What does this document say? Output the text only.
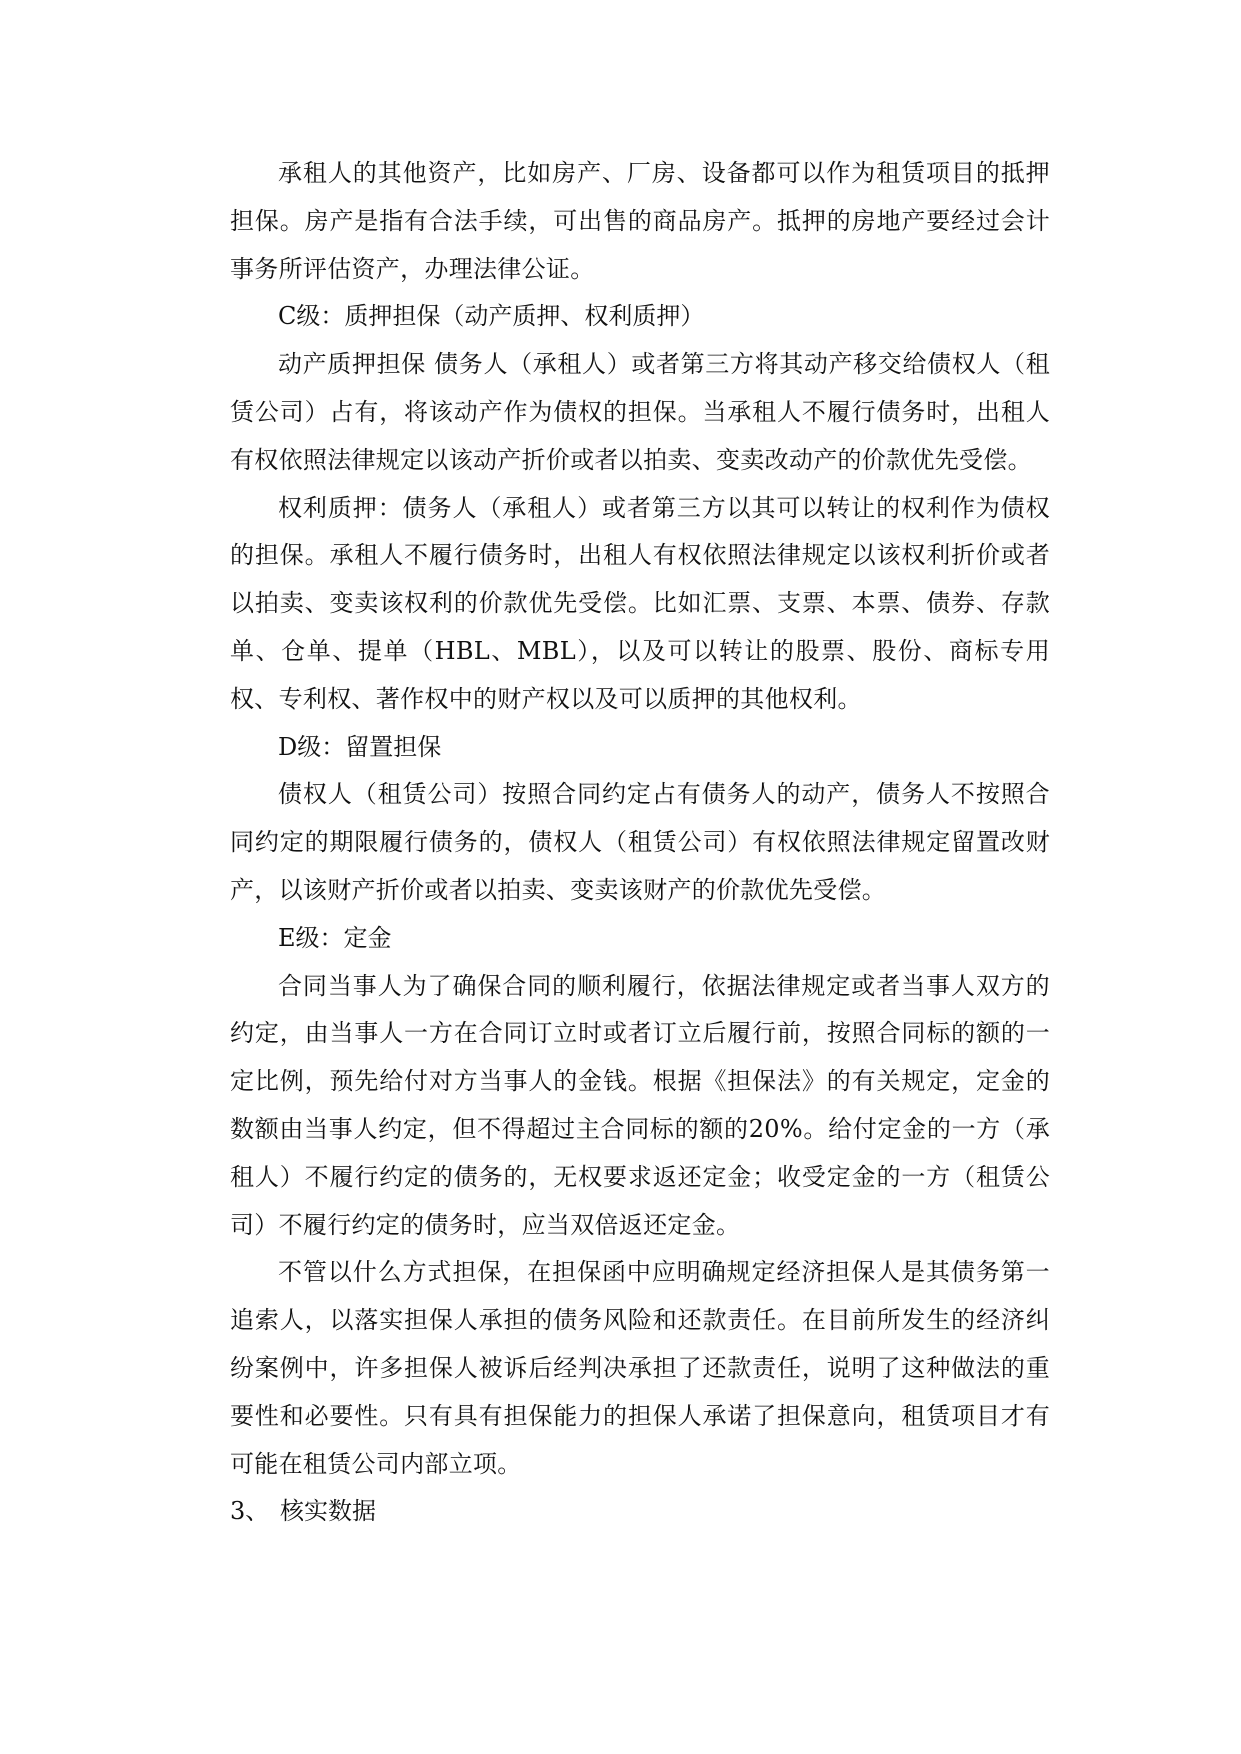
承租人的其他资产，比如房产、厂房、设备都可以作为租赁项目的抵押担保。房产是指有合法手续，可出售的商品房产。抵押的房地产要经过会计事务所评估资产，办理法律公证。

C级：质押担保（动产质押、权利质押）

动产质押担保 债务人（承租人）或者第三方将其动产移交给债权人（租赁公司）占有，将该动产作为债权的担保。当承租人不履行债务时，出租人有权依照法律规定以该动产折价或者以拍卖、变卖改动产的价款优先受偿。

权利质押：债务人（承租人）或者第三方以其可以转让的权利作为债权的担保。承租人不履行债务时，出租人有权依照法律规定以该权利折价或者以拍卖、变卖该权利的价款优先受偿。比如汇票、支票、本票、债券、存款单、仓单、提单（HBL、MBL），以及可以转让的股票、股份、商标专用权、专利权、著作权中的财产权以及可以质押的其他权利。

D级：留置担保

债权人（租赁公司）按照合同约定占有债务人的动产，债务人不按照合同约定的期限履行债务的，债权人（租赁公司）有权依照法律规定留置改财产，以该财产折价或者以拍卖、变卖该财产的价款优先受偿。

E级：定金

合同当事人为了确保合同的顺利履行，依据法律规定或者当事人双方的约定，由当事人一方在合同订立时或者订立后履行前，按照合同标的额的一定比例，预先给付对方当事人的金钱。根据《担保法》的有关规定，定金的数额由当事人约定，但不得超过主合同标的额的20%。给付定金的一方（承租人）不履行约定的债务的，无权要求返还定金；收受定金的一方（租赁公司）不履行约定的债务时，应当双倍返还定金。

不管以什么方式担保，在担保函中应明确规定经济担保人是其债务第一追索人，以落实担保人承担的债务风险和还款责任。在目前所发生的经济纠纷案例中，许多担保人被诉后经判决承担了还款责任，说明了这种做法的重要性和必要性。只有具有担保能力的担保人承诺了担保意向，租赁项目才有可能在租赁公司内部立项。

3、 核实数据
